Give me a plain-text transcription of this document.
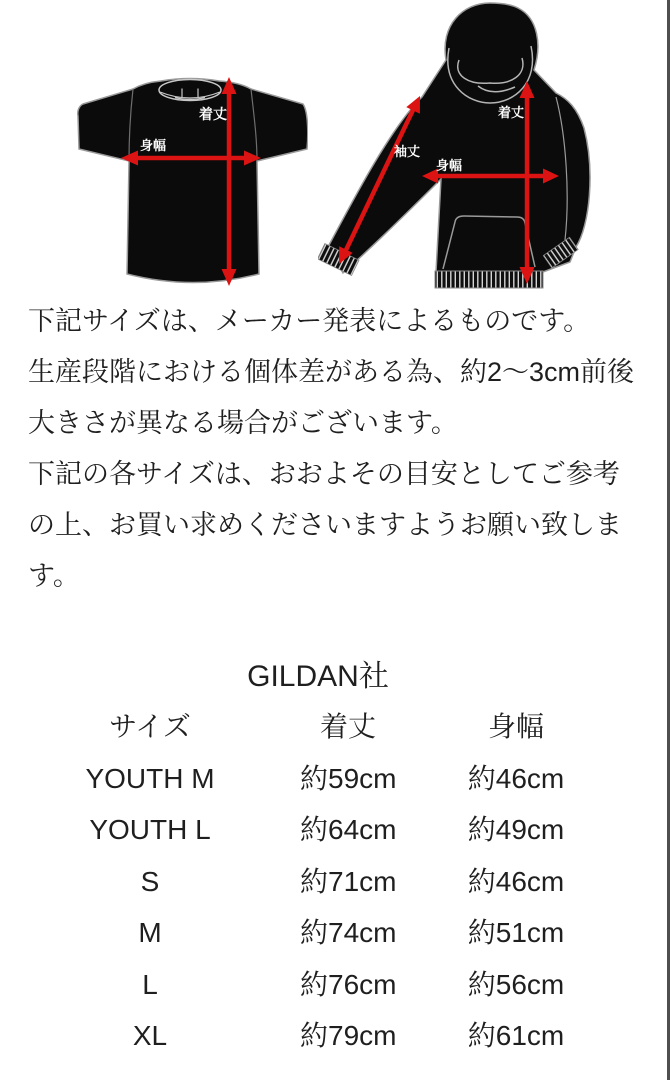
着丈
身幅
着丈
身幅
袖丈
下記サイズは、メーカー発表によるものです。
生産段階における個体差がある為、約2〜3cm前後
大きさが異なる場合がございます。
下記の各サイズは、おおよその目安としてご参考
の上、お買い求めくださいますようお願い致しま
す。
GILDAN社
サイズ	着丈	身幅
YOUTH M	約59cm	約46cm
YOUTH L	約64cm	約49cm
S	約71cm	約46cm
M	約74cm	約51cm
L	約76cm	約56cm
XL	約79cm	約61cm
